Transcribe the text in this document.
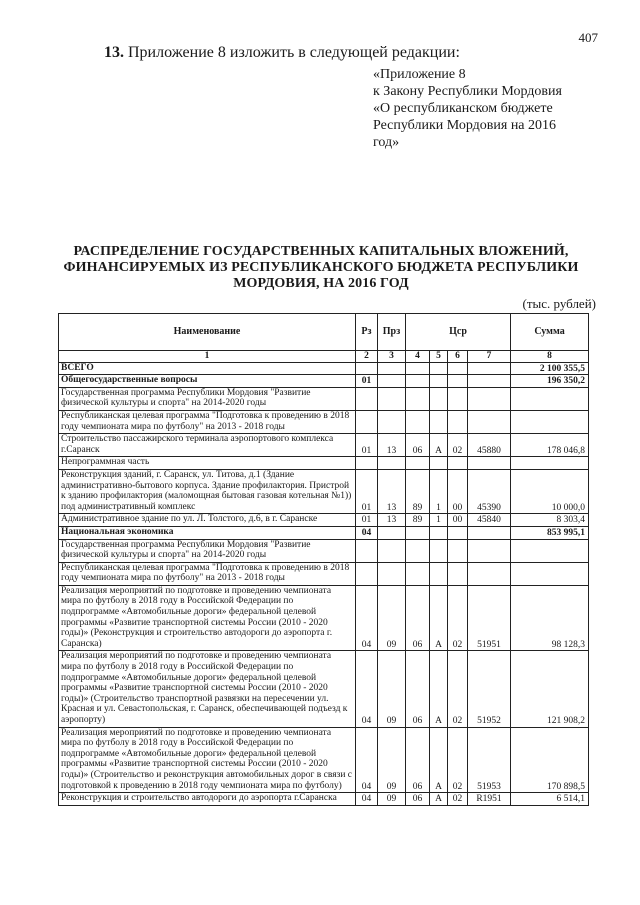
407
13. Приложение 8 изложить в следующей редакции:
«Приложение 8
к Закону Республики Мордовия
«О республиканском бюджете
Республики Мордовия на 2016
год»
РАСПРЕДЕЛЕНИЕ ГОСУДАРСТВЕННЫХ КАПИТАЛЬНЫХ ВЛОЖЕНИЙ,
ФИНАНСИРУЕМЫХ ИЗ РЕСПУБЛИКАНСКОГО БЮДЖЕТА РЕСПУБЛИКИ
МОРДОВИЯ, НА 2016 ГОД
(тыс. рублей)
Наименование	Рз	Прз	Цср				Сумма
1	2	3	4	5	6	7	8
ВСЕГО							2 100 355,5
Общегосударственные вопросы	01						196 350,2
Государственная программа Республики Мордовия "Развитие физической культуры и спорта" на 2014-2020 годы							
Республиканская целевая программа "Подготовка к проведению в 2018 году чемпионата мира по футболу" на 2013 - 2018 годы							
Строительство пассажирского терминала аэропортового комплекса г.Саранск	01	13	06	А	02	45880	178 046,8
Непрограммная часть							
Реконструкция зданий, г. Саранск, ул. Титова, д.1 (Здание административно-бытового корпуса. Здание профилактория. Пристрой к зданию профилактория (маломощная бытовая газовая котельная №1)) под административный комплекс	01	13	89	1	00	45390	10 000,0
Административное здание по ул. Л. Толстого, д.6, в г. Саранске	01	13	89	1	00	45840	8 303,4
Национальная экономика	04						853 995,1
Государственная программа Республики Мордовия "Развитие физической культуры и спорта" на 2014-2020 годы							
Республиканская целевая программа "Подготовка к проведению в 2018 году чемпионата мира по футболу" на 2013 - 2018 годы							
Реализация мероприятий по подготовке и проведению чемпионата мира по футболу в 2018 году в Российской Федерации по подпрограмме «Автомобильные дороги» федеральной целевой программы «Развитие транспортной системы России (2010 - 2020 годы)» (Реконструкция и строительство автодороги до аэропорта г. Саранска)	04	09	06	А	02	51951	98 128,3
Реализация мероприятий по подготовке и проведению чемпионата мира по футболу в 2018 году в Российской Федерации по подпрограмме «Автомобильные дороги» федеральной целевой программы «Развитие транспортной системы России (2010 - 2020 годы)» (Строительство транспортной развязки на пересечении ул. Красная и ул. Севастопольская, г. Саранск, обеспечивающей подъезд к аэропорту)	04	09	06	А	02	51952	121 908,2
Реализация мероприятий по подготовке и проведению чемпионата мира по футболу в 2018 году в Российской Федерации по подпрограмме «Автомобильные дороги» федеральной целевой программы «Развитие транспортной системы России (2010 - 2020 годы)» (Строительство и реконструкция автомобильных дорог в связи с подготовкой к проведению в 2018 году чемпионата мира по футболу)	04	09	06	А	02	51953	170 898,5
Реконструкция и строительство автодороги до аэропорта г.Саранска	04	09	06	А	02	R1951	6 514,1
